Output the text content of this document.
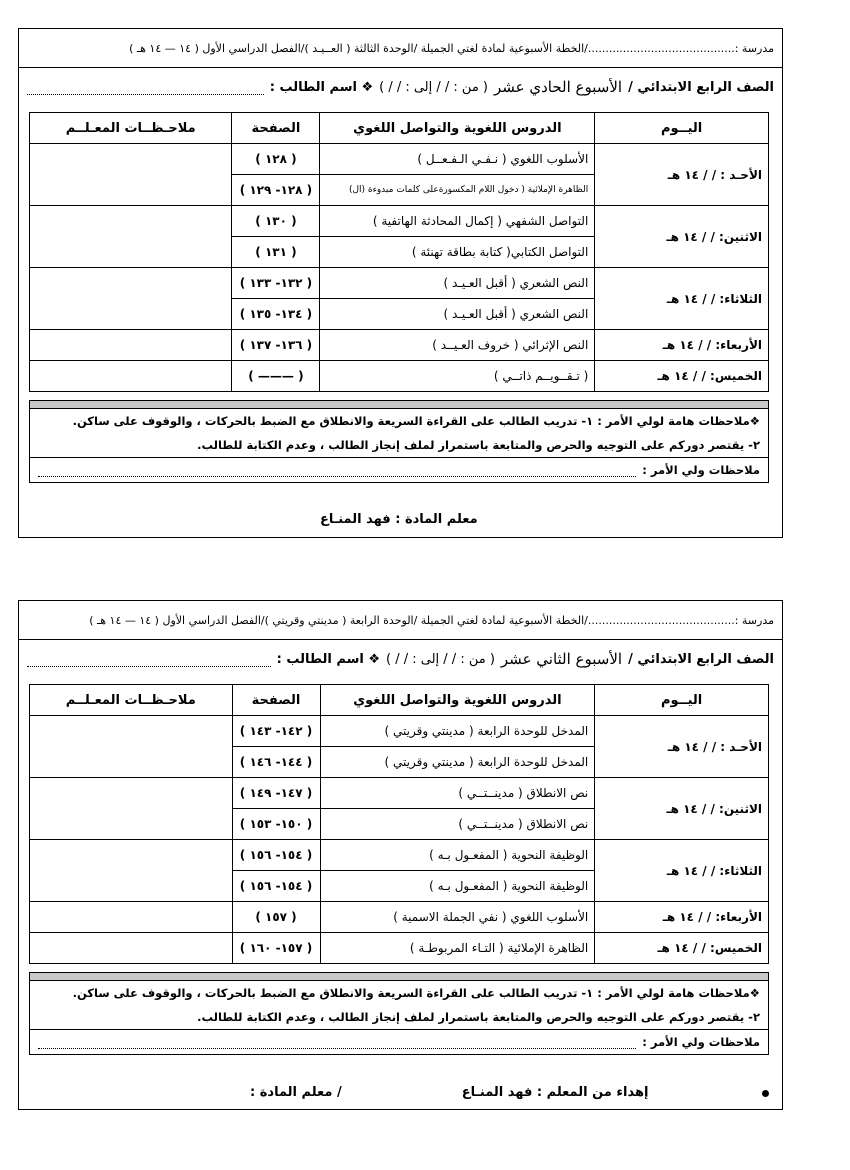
مدرسة :........................................../الخطة الأسبوعية لمادة لغتي الجميلة /الوحدة الثالثة ( العــيـد )/الفصل الدراسي الأول ( ١٤ — ١٤ هـ )
الصف الرابع الابتدائي /
الأسبوع الحادي عشر
( من : / / إلى : / / )
❖ اسم الطالب :
اليــوم	الدروس اللغوية والتواصل اللغوي	الصفحة	ملاحـظــات المعـلــم
الأحـد : / / ١٤ هـ	الأسلوب اللغوي ( نـفـي الـفـعــل )	( ١٢٨ )	
	الظاهرة الإملائية ( دخول اللام المكسورةعلى كلمات مبدوءة (ال)	( ١٢٨- ١٢٩ )	
الاثنين: / / ١٤ هـ	التواصل الشفهي ( إكمال المحادثة الهاتفية )	( ١٣٠ )	
	التواصل الكتابي( كتابة بطاقة تهنئة )	( ١٣١ )	
الثلاثاء: / / ١٤ هـ	النص الشعري ( أقبل العـيـد )	( ١٣٢- ١٣٣ )	
	النص الشعري ( أقبل العـيـد )	( ١٣٤- ١٣٥ )	
الأربعاء: / / ١٤ هـ	النص الإثرائي ( خروف العـيــد )	( ١٣٦- ١٣٧ )	
الخميس: / / ١٤ هـ	( تـقــويــم ذاتــي )	( ——— )	
❖ملاحظات هامة لولي الأمر : ١- تدريب الطالب على القراءة السريعة والانطلاق مع الضبط بالحركات ، والوقوف على ساكن.
٢- يقتصر دوركم على التوجيه والحرص والمتابعة باستمرار لملف إنجاز الطالب ، وعدم الكتابة للطالب.
ملاحظات ولي الأمر :
معلم المادة : فهد المنـاع
مدرسة :........................................../الخطة الأسبوعية لمادة لغتي الجميلة /الوحدة الرابعة ( مدينتي وقريتي )/الفصل الدراسي الأول ( ١٤ — ١٤ هـ )
الصف الرابع الابتدائي /
الأسبوع الثاني عشر
( من : / / إلى : / / )
❖ اسم الطالب :
اليــوم	الدروس اللغوية والتواصل اللغوي	الصفحة	ملاحـظــات المعـلــم
الأحـد : / / ١٤ هـ	المدخل للوحدة الرابعة ( مدينتي وقريتي )	( ١٤٢- ١٤٣ )	
	المدخل للوحدة الرابعة ( مدينتي وقريتي )	( ١٤٤- ١٤٦ )	
الاثنين: / / ١٤ هـ	نص الانطلاق ( مدينــتــي )	( ١٤٧- ١٤٩ )	
	نص الانطلاق ( مدينــتــي )	( ١٥٠- ١٥٣ )	
الثلاثاء: / / ١٤ هـ	الوظيفة النحوية ( المفعـول بـه )	( ١٥٤- ١٥٦ )	
	الوظيفة النحوية ( المفعـول بـه )	( ١٥٤- ١٥٦ )	
الأربعاء: / / ١٤ هـ	الأسلوب اللغوي ( نفي الجملة الاسمية )	( ١٥٧ )	
الخميس: / / ١٤ هـ	الظاهرة الإملائية ( التـاء المربوطـة )	( ١٥٧- ١٦٠ )	
❖ملاحظات هامة لولي الأمر : ١- تدريب الطالب على القراءة السريعة والانطلاق مع الضبط بالحركات ، والوقوف على ساكن.
٢- يقتصر دوركم على التوجيه والحرص والمتابعة باستمرار لملف إنجاز الطالب ، وعدم الكتابة للطالب.
ملاحظات ولي الأمر :
إهداء من المعلم : فهد المنـاع
/ معلم المادة :
